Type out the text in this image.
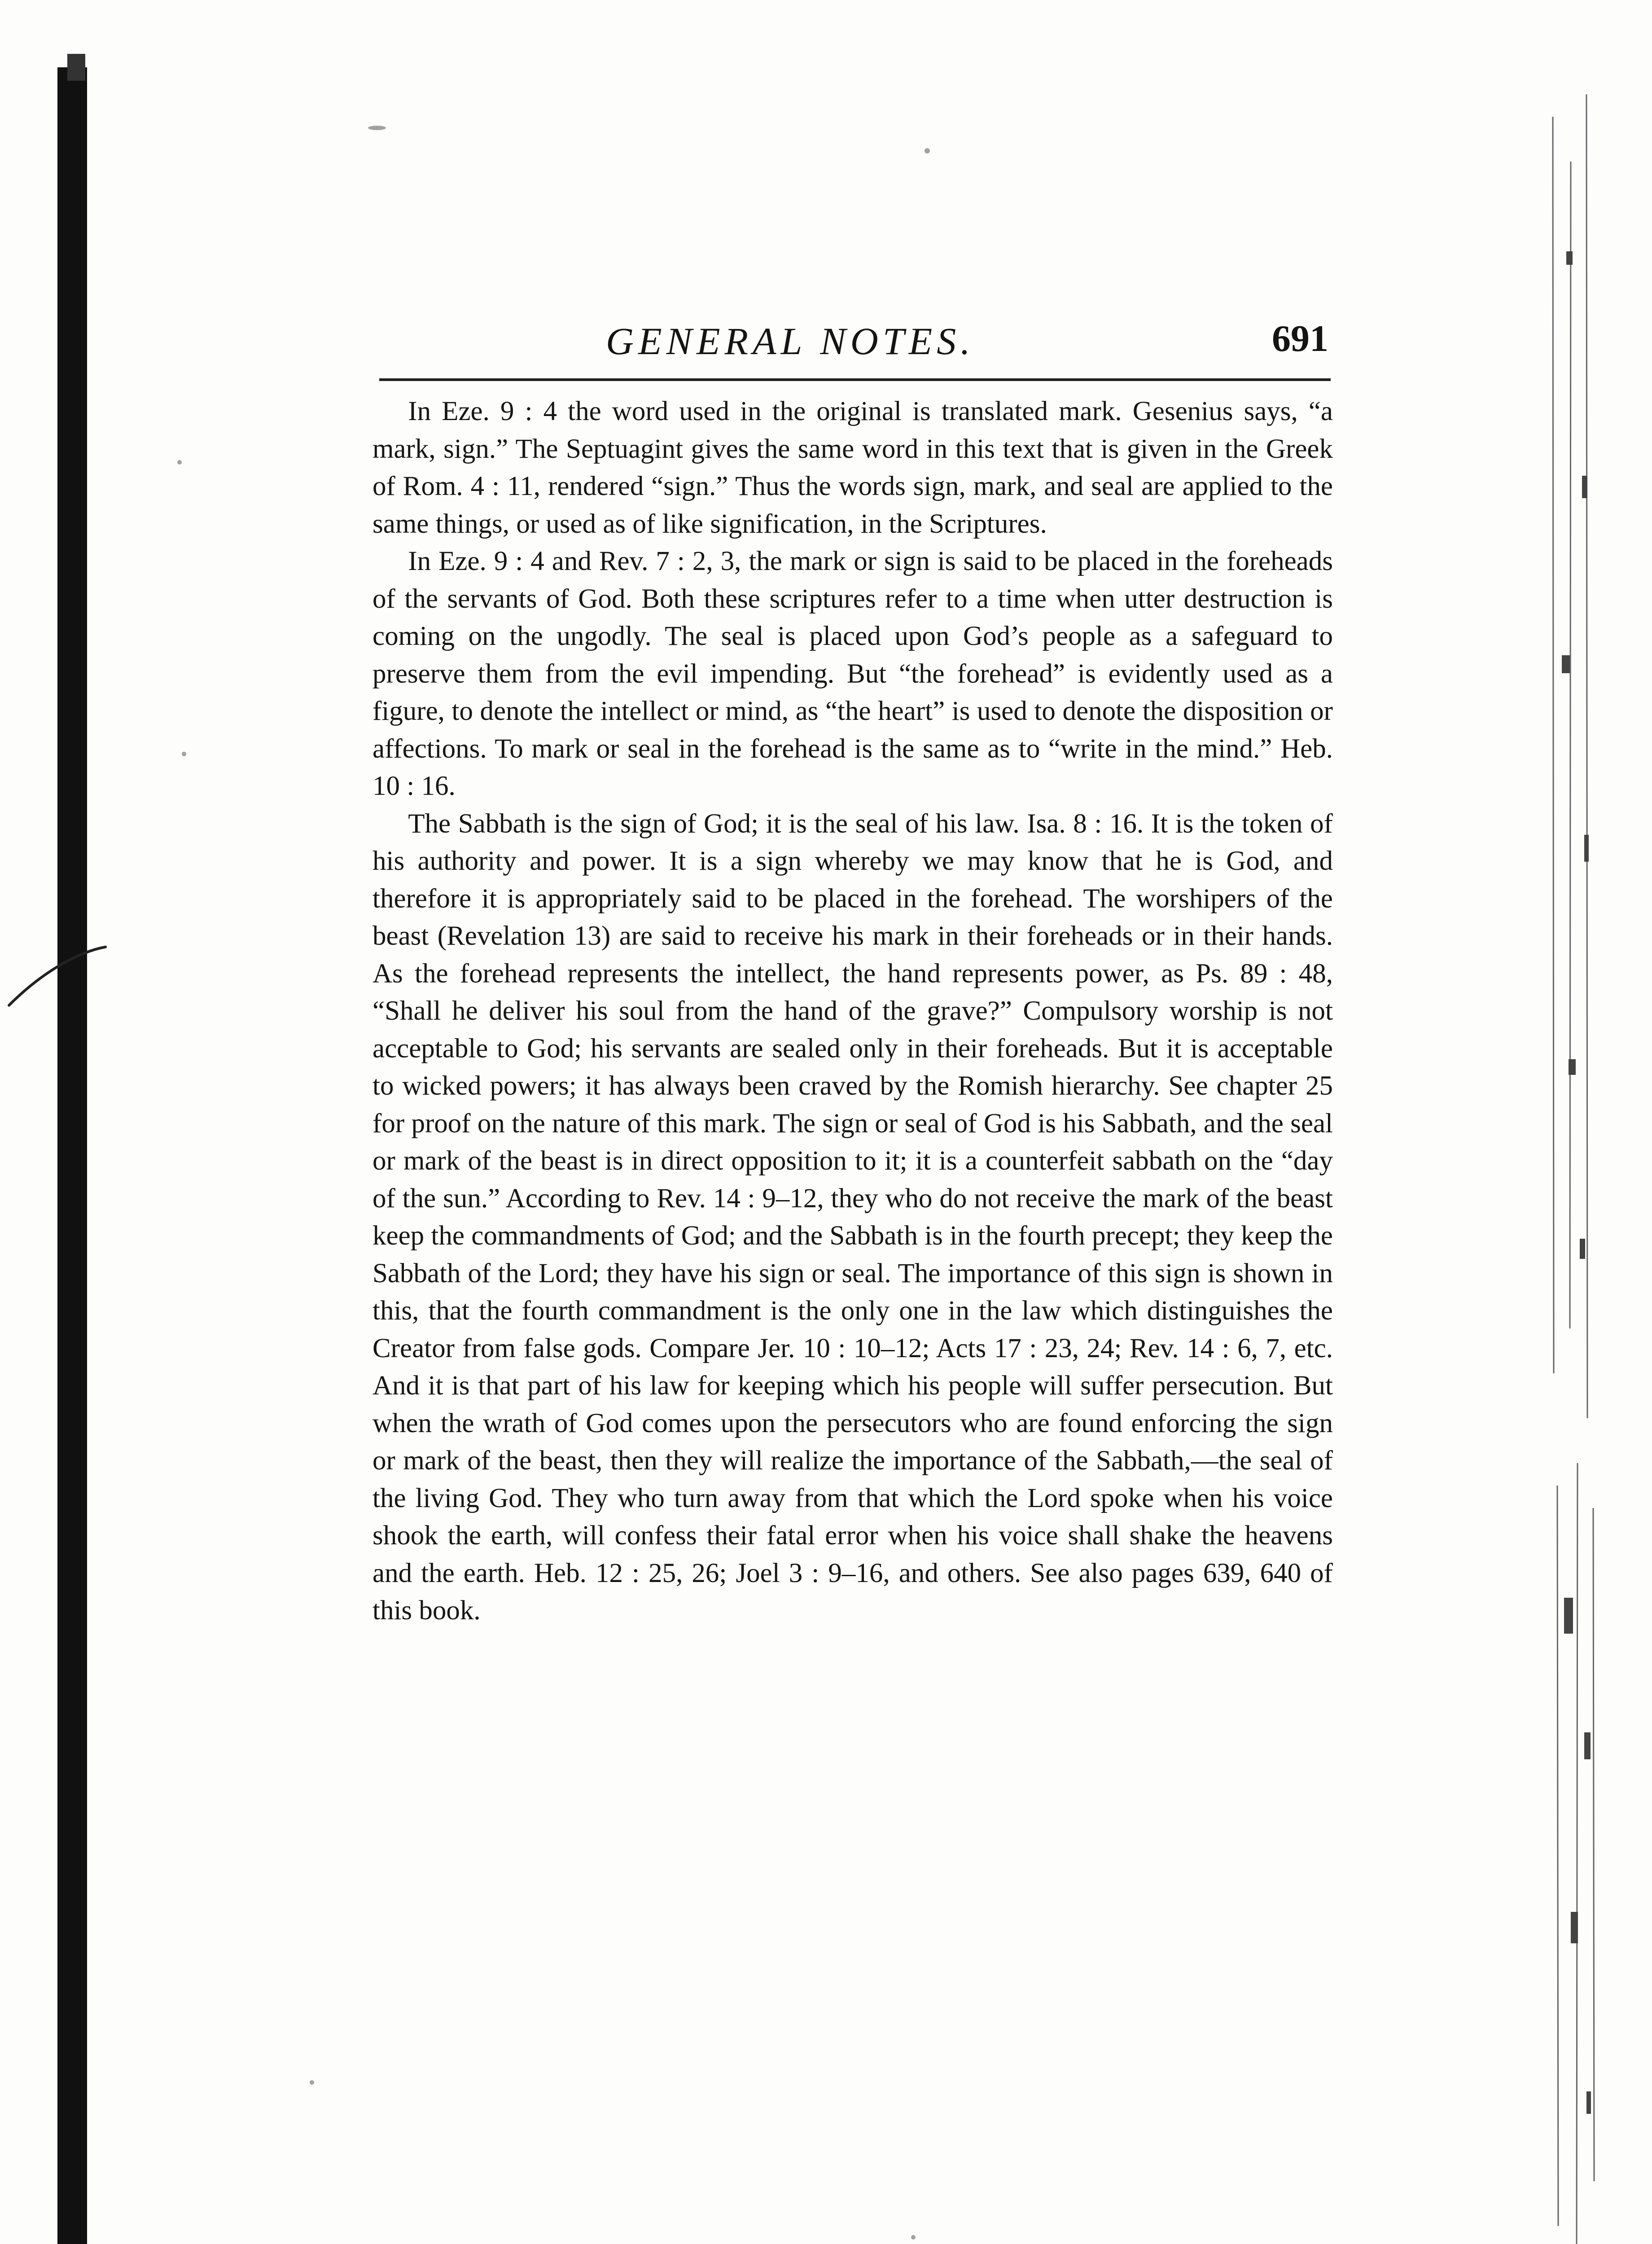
GENERAL NOTES.	691

In Eze. 9 : 4 the word used in the original is translated mark. Gesenius says, “a mark, sign.” The Septuagint gives the same word in this text that is given in the Greek of Rom. 4 : 11, rendered “sign.” Thus the words sign, mark, and seal are applied to the same things, or used as of like signification, in the Scriptures.

In Eze. 9 : 4 and Rev. 7 : 2, 3, the mark or sign is said to be placed in the foreheads of the servants of God. Both these scriptures refer to a time when utter destruction is coming on the ungodly. The seal is placed upon God’s people as a safeguard to preserve them from the evil impending. But “the forehead” is evidently used as a figure, to denote the intellect or mind, as “the heart” is used to denote the disposition or affections. To mark or seal in the forehead is the same as to “write in the mind.” Heb. 10 : 16.

The Sabbath is the sign of God; it is the seal of his law. Isa. 8 : 16. It is the token of his authority and power. It is a sign whereby we may know that he is God, and therefore it is appropriately said to be placed in the forehead. The worshipers of the beast (Revelation 13) are said to receive his mark in their foreheads or in their hands. As the forehead represents the intellect, the hand represents power, as Ps. 89 : 48, “Shall he deliver his soul from the hand of the grave?” Compulsory worship is not acceptable to God; his servants are sealed only in their foreheads. But it is acceptable to wicked powers; it has always been craved by the Romish hierarchy. See chapter 25 for proof on the nature of this mark. The sign or seal of God is his Sabbath, and the seal or mark of the beast is in direct opposition to it; it is a counterfeit sabbath on the “day of the sun.” According to Rev. 14 : 9–12, they who do not receive the mark of the beast keep the commandments of God; and the Sabbath is in the fourth precept; they keep the Sabbath of the Lord; they have his sign or seal. The importance of this sign is shown in this, that the fourth commandment is the only one in the law which distinguishes the Creator from false gods. Compare Jer. 10 : 10–12; Acts 17 : 23, 24; Rev. 14 : 6, 7, etc. And it is that part of his law for keeping which his people will suffer persecution. But when the wrath of God comes upon the persecutors who are found enforcing the sign or mark of the beast, then they will realize the importance of the Sabbath,—the seal of the living God. They who turn away from that which the Lord spoke when his voice shook the earth, will confess their fatal error when his voice shall shake the heavens and the earth. Heb. 12 : 25, 26; Joel 3 : 9–16, and others. See also pages 639, 640 of this book.
